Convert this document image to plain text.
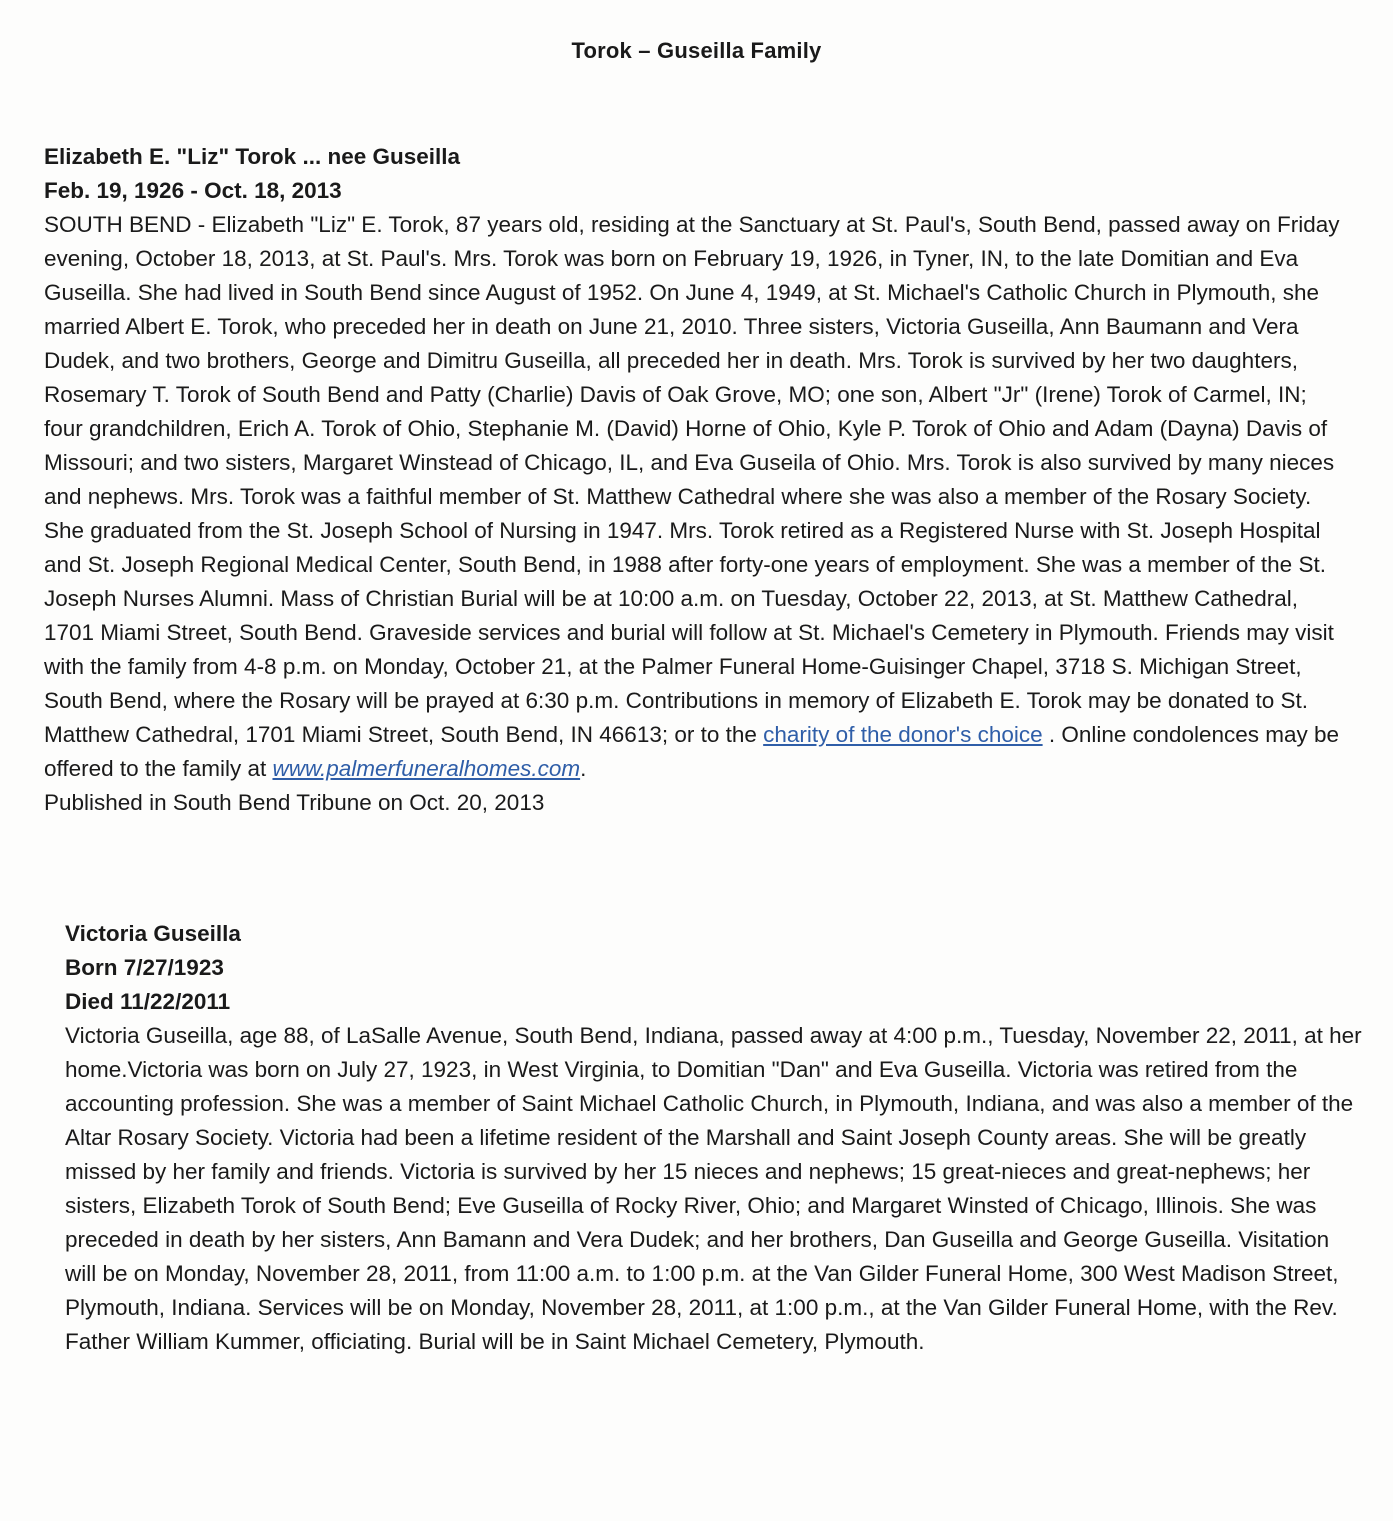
Torok – Guseilla Family
Elizabeth E. "Liz" Torok ... nee Guseilla
Feb. 19, 1926 - Oct. 18, 2013
SOUTH BEND - Elizabeth "Liz" E. Torok, 87 years old, residing at the Sanctuary at St. Paul's, South Bend, passed away on Friday evening, October 18, 2013, at St. Paul's. Mrs. Torok was born on February 19, 1926, in Tyner, IN, to the late Domitian and Eva Guseilla. She had lived in South Bend since August of 1952. On June 4, 1949, at St. Michael's Catholic Church in Plymouth, she married Albert E. Torok, who preceded her in death on June 21, 2010. Three sisters, Victoria Guseilla, Ann Baumann and Vera Dudek, and two brothers, George and Dimitru Guseilla, all preceded her in death. Mrs. Torok is survived by her two daughters, Rosemary T. Torok of South Bend and Patty (Charlie) Davis of Oak Grove, MO; one son, Albert "Jr" (Irene) Torok of Carmel, IN; four grandchildren, Erich A. Torok of Ohio, Stephanie M. (David) Horne of Ohio, Kyle P. Torok of Ohio and Adam (Dayna) Davis of Missouri; and two sisters, Margaret Winstead of Chicago, IL, and Eva Guseila of Ohio. Mrs. Torok is also survived by many nieces and nephews. Mrs. Torok was a faithful member of St. Matthew Cathedral where she was also a member of the Rosary Society. She graduated from the St. Joseph School of Nursing in 1947. Mrs. Torok retired as a Registered Nurse with St. Joseph Hospital and St. Joseph Regional Medical Center, South Bend, in 1988 after forty-one years of employment. She was a member of the St. Joseph Nurses Alumni. Mass of Christian Burial will be at 10:00 a.m. on Tuesday, October 22, 2013, at St. Matthew Cathedral, 1701 Miami Street, South Bend. Graveside services and burial will follow at St. Michael's Cemetery in Plymouth. Friends may visit with the family from 4-8 p.m. on Monday, October 21, at the Palmer Funeral Home-Guisinger Chapel, 3718 S. Michigan Street, South Bend, where the Rosary will be prayed at 6:30 p.m. Contributions in memory of Elizabeth E. Torok may be donated to St. Matthew Cathedral, 1701 Miami Street, South Bend, IN 46613; or to the charity of the donor's choice . Online condolences may be offered to the family at www.palmerfuneralhomes.com.
Published in South Bend Tribune on Oct. 20, 2013
Victoria Guseilla
Born 7/27/1923
Died 11/22/2011
Victoria Guseilla, age 88, of LaSalle Avenue, South Bend, Indiana, passed away at 4:00 p.m., Tuesday, November 22, 2011, at her home.Victoria was born on July 27, 1923, in West Virginia, to Domitian "Dan" and Eva Guseilla. Victoria was retired from the accounting profession. She was a member of Saint Michael Catholic Church, in Plymouth, Indiana, and was also a member of the Altar Rosary Society. Victoria had been a lifetime resident of the Marshall and Saint Joseph County areas. She will be greatly missed by her family and friends. Victoria is survived by her 15 nieces and nephews; 15 great-nieces and great-nephews; her sisters, Elizabeth Torok of South Bend; Eve Guseilla of Rocky River, Ohio; and Margaret Winsted of Chicago, Illinois. She was preceded in death by her sisters, Ann Bamann and Vera Dudek; and her brothers, Dan Guseilla and George Guseilla. Visitation will be on Monday, November 28, 2011, from 11:00 a.m. to 1:00 p.m. at the Van Gilder Funeral Home, 300 West Madison Street, Plymouth, Indiana. Services will be on Monday, November 28, 2011, at 1:00 p.m., at the Van Gilder Funeral Home, with the Rev. Father William Kummer, officiating. Burial will be in Saint Michael Cemetery, Plymouth.
